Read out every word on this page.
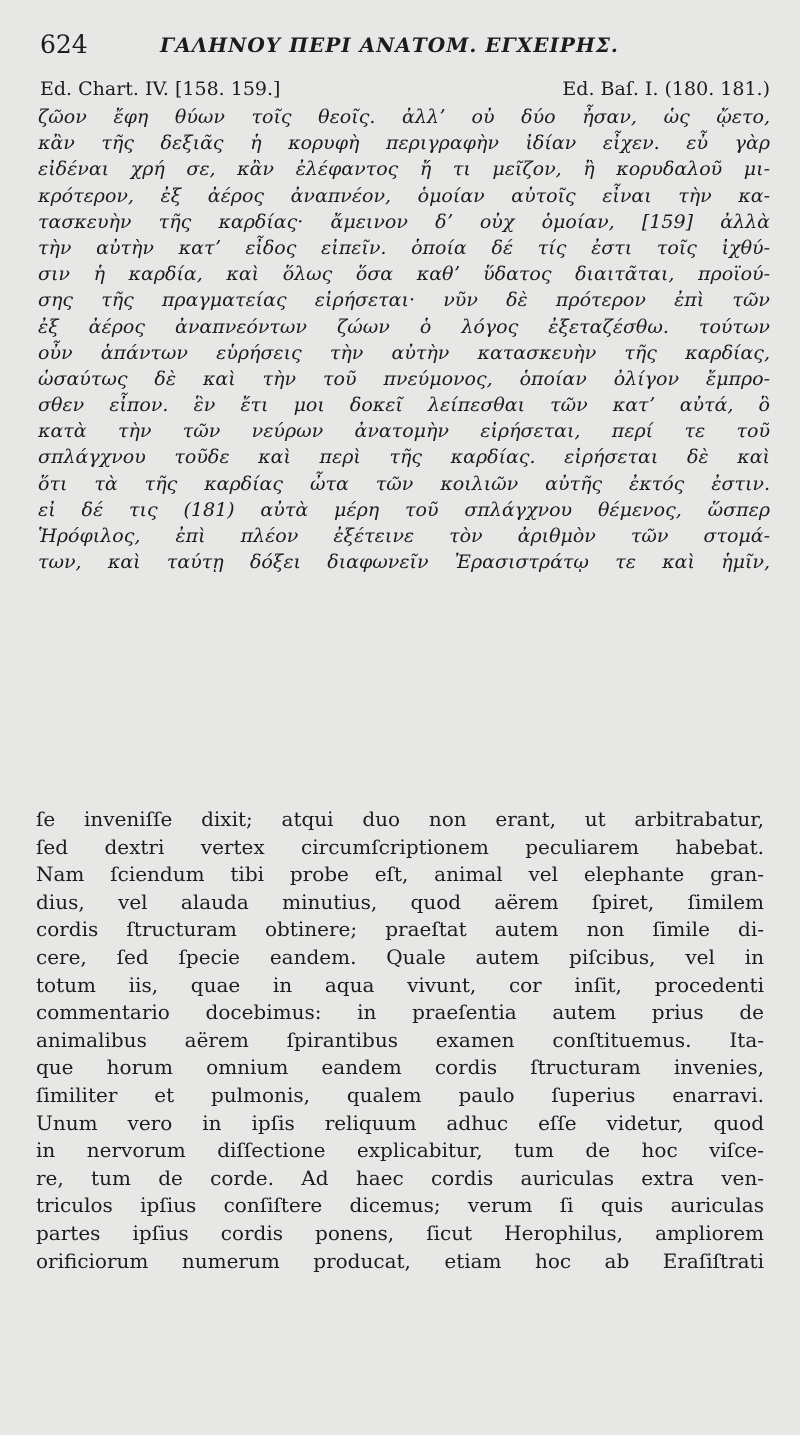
624	ΓΑΛΗΝΟΥ ΠΕΡΙ ΑΝΑΤΟΜ. ΕΓΧΕΙΡΗΣ.
Ed. Chart. IV. [158. 159.]	Ed. Baſ. I. (180. 181.)
ζῶον ἔφη θύων τοῖς θεοῖς. ἀλλʼ οὐ δύο ἦσαν, ὡς ᾤετο,
κἂν τῆς δεξιᾶς ἡ κορυφὴ περιγραφὴν ἰδίαν εἶχεν. εὖ γὰρ
εἰδέναι χρή σε, κἂν ἐλέφαντος ἤ τι μεῖζον, ἢ κορυδαλοῦ μι-
κρότερον, ἐξ ἀέρος ἀναπνέον, ὁμοίαν αὐτοῖς εἶναι τὴν κα-
τασκευὴν τῆς καρδίας· ἄμεινον δʼ οὐχ ὁμοίαν, [159] ἀλλὰ
τὴν αὐτὴν κατʼ εἶδος εἰπεῖν. ὁποία δέ τίς ἐστι τοῖς ἰχθύ-
σιν ἡ καρδία, καὶ ὅλως ὅσα καθʼ ὕδατος διαιτᾶται, προϊού-
σης τῆς πραγματείας εἰρήσεται· νῦν δὲ πρότερον ἐπὶ τῶν
ἐξ ἀέρος ἀναπνεόντων ζώων ὁ λόγος ἐξεταζέσθω. τούτων
οὖν ἁπάντων εὑρήσεις τὴν αὐτὴν κατασκευὴν τῆς καρδίας,
ὡσαύτως δὲ καὶ τὴν τοῦ πνεύμονος, ὁποίαν ὀλίγον ἔμπρο-
σθεν εἶπον. ἓν ἔτι μοι δοκεῖ λείπεσθαι τῶν κατʼ αὐτά, ὃ
κατὰ τὴν τῶν νεύρων ἀνατομὴν εἰρήσεται, περί τε τοῦ
σπλάγχνου τοῦδε καὶ περὶ τῆς καρδίας. εἰρήσεται δὲ καὶ
ὅτι τὰ τῆς καρδίας ὦτα τῶν κοιλιῶν αὐτῆς ἐκτός ἐστιν.
εἰ δέ τις (181) αὐτὰ μέρη τοῦ σπλάγχνου θέμενος, ὥσπερ
Ἡρόφιλος, ἐπὶ πλέον ἐξέτεινε τὸν ἀριθμὸν τῶν στομά-
των, καὶ ταύτῃ δόξει διαφωνεῖν Ἐρασιστράτῳ τε καὶ ἡμῖν,
ſe inveniſſe dixit; atqui duo non erant, ut arbitrabatur,
ſed dextri vertex circumſcriptionem peculiarem habebat.
Nam ſciendum tibi probe eſt, animal vel elephante gran-
dius, vel alauda minutius, quod aërem ſpiret, ſimilem
cordis ſtructuram obtinere; praeſtat autem non ſimile di-
cere, ſed ſpecie eandem. Quale autem piſcibus, vel in
totum iis, quae in aqua vivunt, cor inſit, procedenti
commentario docebimus: in praeſentia autem prius de
animalibus aërem ſpirantibus examen conſtituemus. Ita-
que horum omnium eandem cordis ſtructuram invenies,
ſimiliter et pulmonis, qualem paulo ſuperius enarravi.
Unum vero in ipſis reliquum adhuc eſſe videtur, quod
in nervorum diſſectione explicabitur, tum de hoc viſce-
re, tum de corde. Ad haec cordis auriculas extra ven-
triculos ipſius conſiſtere dicemus; verum ſi quis auriculas
partes ipſius cordis ponens, ſicut Herophilus, ampliorem
orificiorum numerum producat, etiam hoc ab Eraſiſtrati
